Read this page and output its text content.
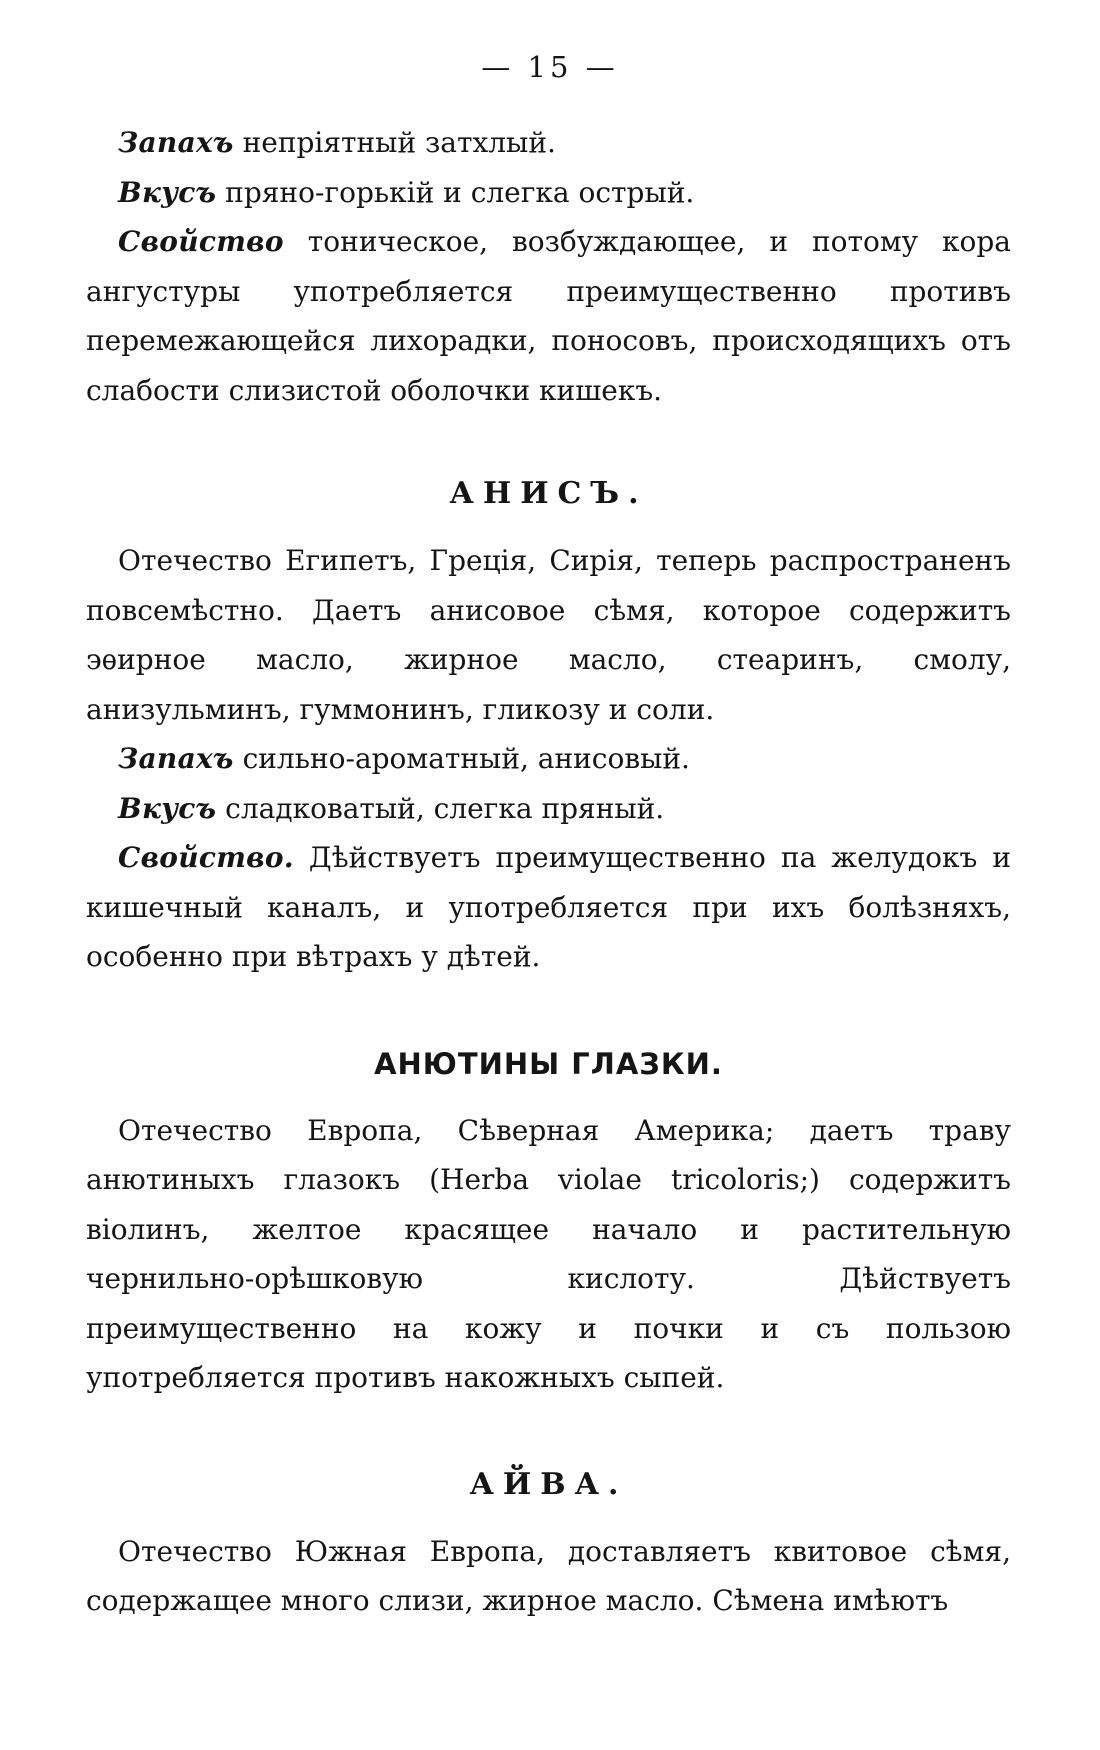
— 15 —

Запахъ непріятный затхлый.

Вкусъ пряно-горькій и слегка острый.

Свойство тоническое, возбуждающее, и потому кора ангустуры употребляется преимущественно противъ перемежающейся лихорадки, поносовъ, происходящихъ отъ слабости слизистой оболочки кишекъ.

АНИСЪ.

Отечество Египетъ, Греція, Сирія, теперь распространенъ повсемѣстно. Даетъ анисовое сѣмя, которое содержитъ эѳирное масло, жирное масло, стеаринъ, смолу, анизульминъ, гуммонинъ, гликозу и соли.

Запахъ сильно-ароматный, анисовый.

Вкусъ сладковатый, слегка пряный.

Свойство. Дѣйствуетъ преимущественно па желудокъ и кишечный каналъ, и употребляется при ихъ болѣзняхъ, особенно при вѣтрахъ у дѣтей.

АНЮТИНЫ ГЛАЗКИ.

Отечество Европа, Сѣверная Америка; даетъ траву анютиныхъ глазокъ (Herba violae tricoloris;) содержитъ віолинъ, желтое красящее начало и растительную чернильно-орѣшковую кислоту. Дѣйствуетъ преимущественно на кожу и почки и съ пользою употребляется противъ накожныхъ сыпей.

АЙВА.

Отечество Южная Европа, доставляетъ квитовое сѣмя, содержащее много слизи, жирное масло. Сѣмена имѣютъ
